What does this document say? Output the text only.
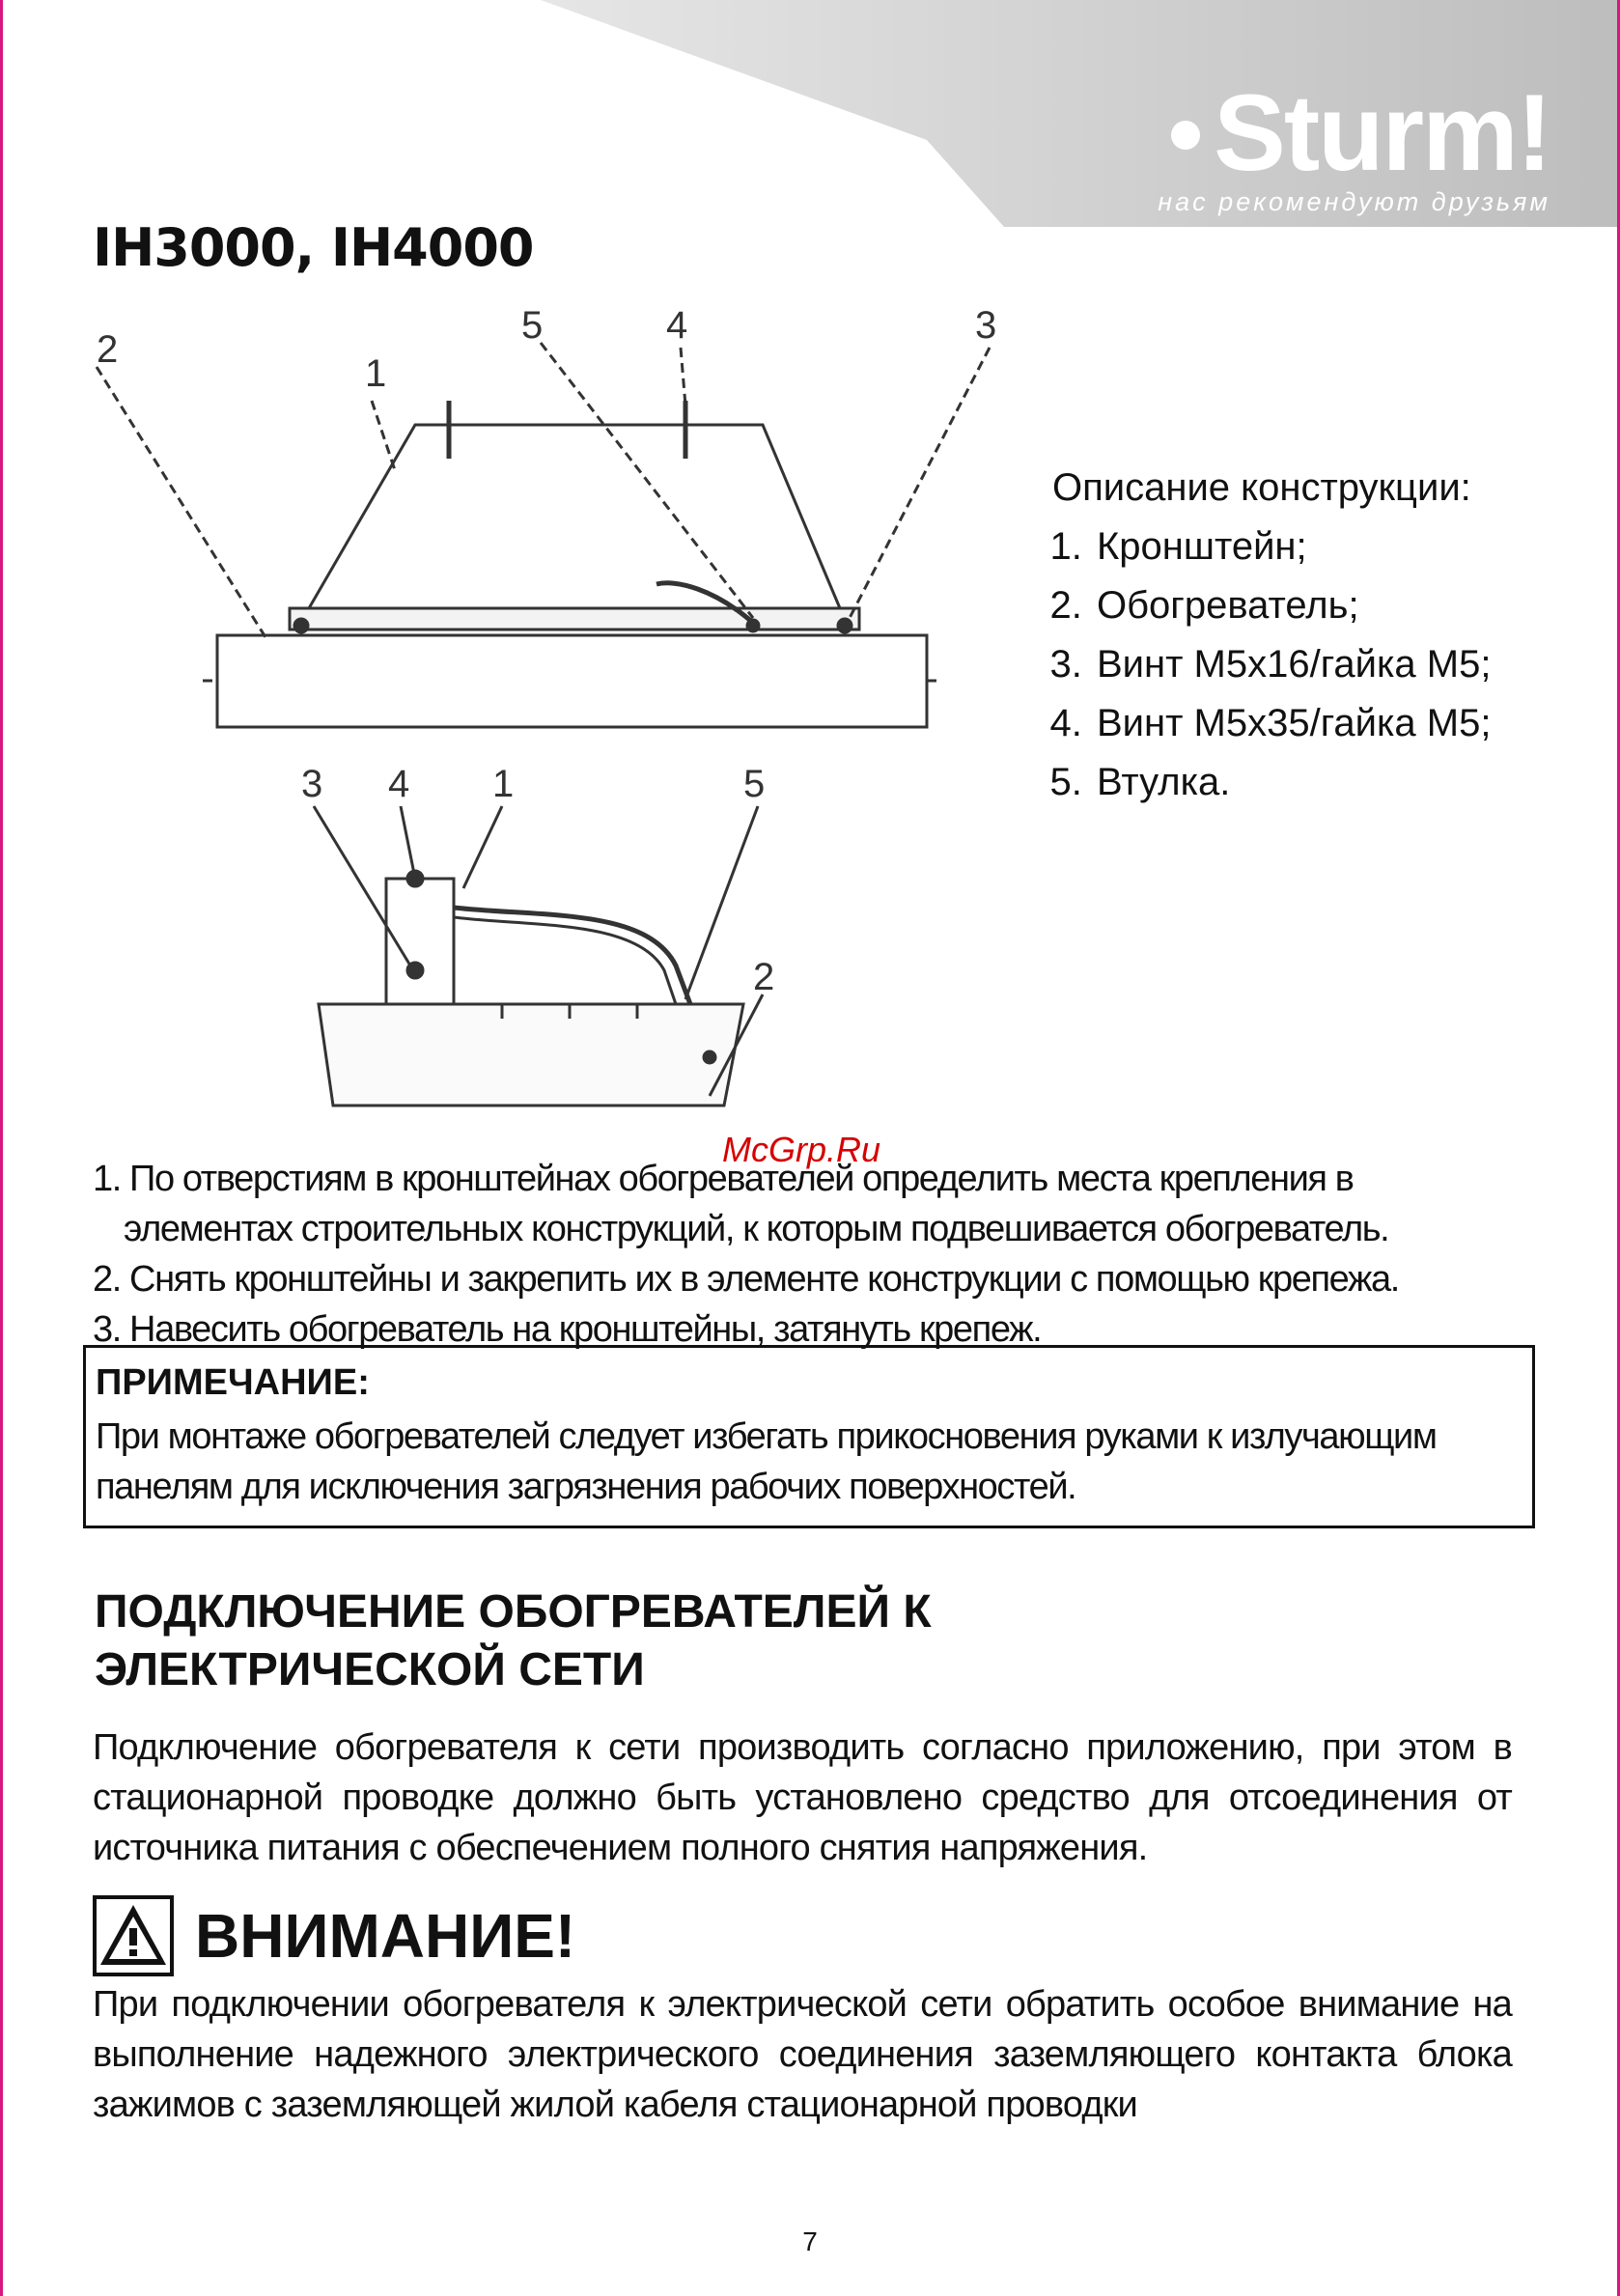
Sturm!
нас рекомендуют друзьям
IH3000, IH4000
2
1
5	4	3
3 4 1	5
2
Описание конструкции:
1. Кронштейн;
2. Обогреватель;
3. Винт М5х16/гайка М5;
4. Винт М5х35/гайка М5;
5. Втулка.
McGrp.Ru
1. По отверстиям в кронштейнах обогревателей определить места крепления в элементах строительных конструкций, к которым подвешивается обогреватель.
2. Снять кронштейны и закрепить их в элементе конструкции с помощью крепежа.
3. Навесить обогреватель на кронштейны, затянуть крепеж.
ПРИМЕЧАНИЕ:
При монтаже обогревателей следует избегать прикосновения руками к излучающим панелям для исключения загрязнения рабочих поверхностей.
ПОДКЛЮЧЕНИЕ ОБОГРЕВАТЕЛЕЙ К
ЭЛЕКТРИЧЕСКОЙ СЕТИ
Подключение обогревателя к сети производить согласно приложению, при этом в стационарной проводке должно быть установлено средство для отсоединения от источника питания с обеспечением полного снятия напряжения.
ВНИМАНИЕ!
При подключении обогревателя к электрической сети обратить особое внимание на выполнение надежного электрического соединения заземляющего контакта блока зажимов с заземляющей жилой кабеля стационарной проводки
7
